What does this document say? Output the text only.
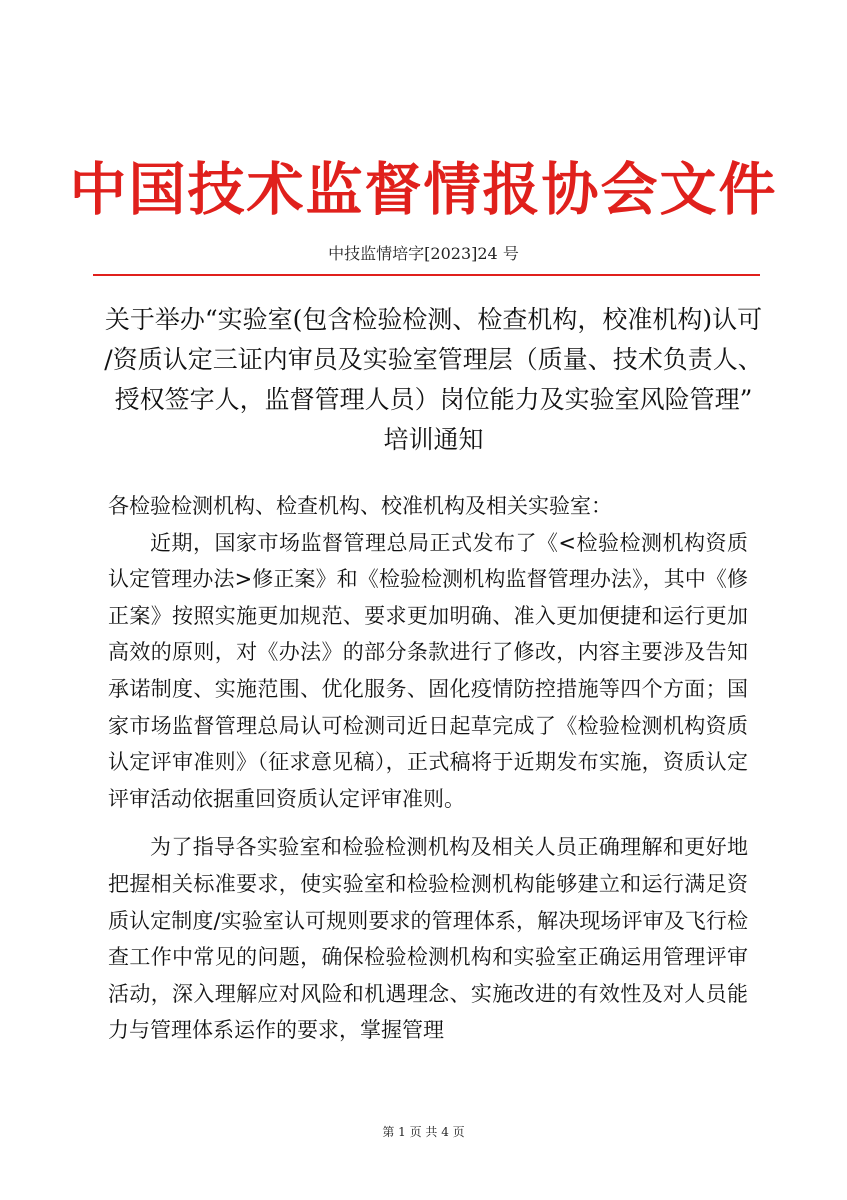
中国技术监督情报协会文件
中技监情培字[2023]24 号
关于举办“实验室(包含检验检测、检查机构，校准机构)认可
/资质认定三证内审员及实验室管理层（质量、技术负责人、
授权签字人，监督管理人员）岗位能力及实验室风险管理”
培训通知

各检验检测机构、检查机构、校准机构及相关实验室：

近期，国家市场监督管理总局正式发布了《<检验检测机构资质认定管理办法>修正案》和《检验检测机构监督管理办法》，其中《修正案》按照实施更加规范、要求更加明确、准入更加便捷和运行更加高效的原则，对《办法》的部分条款进行了修改，内容主要涉及告知承诺制度、实施范围、优化服务、固化疫情防控措施等四个方面；国家市场监督管理总局认可检测司近日起草完成了《检验检测机构资质认定评审准则》（征求意见稿），正式稿将于近期发布实施，资质认定评审活动依据重回资质认定评审准则。

为了指导各实验室和检验检测机构及相关人员正确理解和更好地把握相关标准要求，使实验室和检验检测机构能够建立和运行满足资质认定制度/实验室认可规则要求的管理体系，解决现场评审及飞行检查工作中常见的问题，确保检验检测机构和实验室正确运用管理评审活动，深入理解应对风险和机遇理念、实施改进的有效性及对人员能力与管理体系运作的要求，掌握管理

第 1 页 共 4 页
